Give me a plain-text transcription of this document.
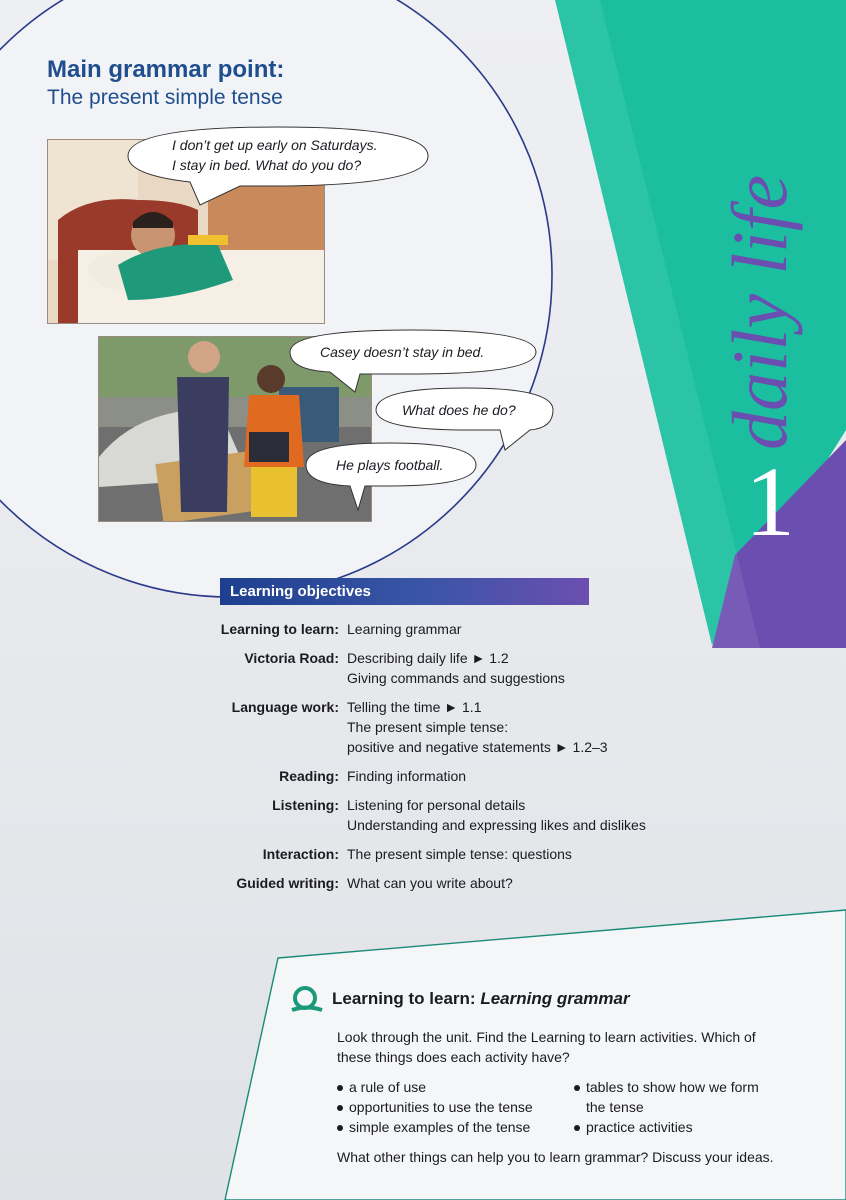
Main grammar point:
The present simple tense
I don’t get up early on Saturdays.
I stay in bed. What do you do?
Casey doesn’t stay in bed.
What does he do?
He plays football.
daily life
1
Learning objectives
Learning to learn: Learning grammar
Victoria Road: Describing daily life ► 1.2
Giving commands and suggestions
Language work: Telling the time ► 1.1
The present simple tense:
positive and negative statements ► 1.2–3
Reading: Finding information
Listening: Listening for personal details
Understanding and expressing likes and dislikes
Interaction: The present simple tense: questions
Guided writing: What can you write about?
Learning to learn:
Learning grammar
Look through the unit. Find the Learning to learn activities. Which of these things does each activity have?
a rule of use
opportunities to use the tense
simple examples of the tense
tables to show how we form
the tense
practice activities
What other things can help you to learn grammar? Discuss your ideas.
